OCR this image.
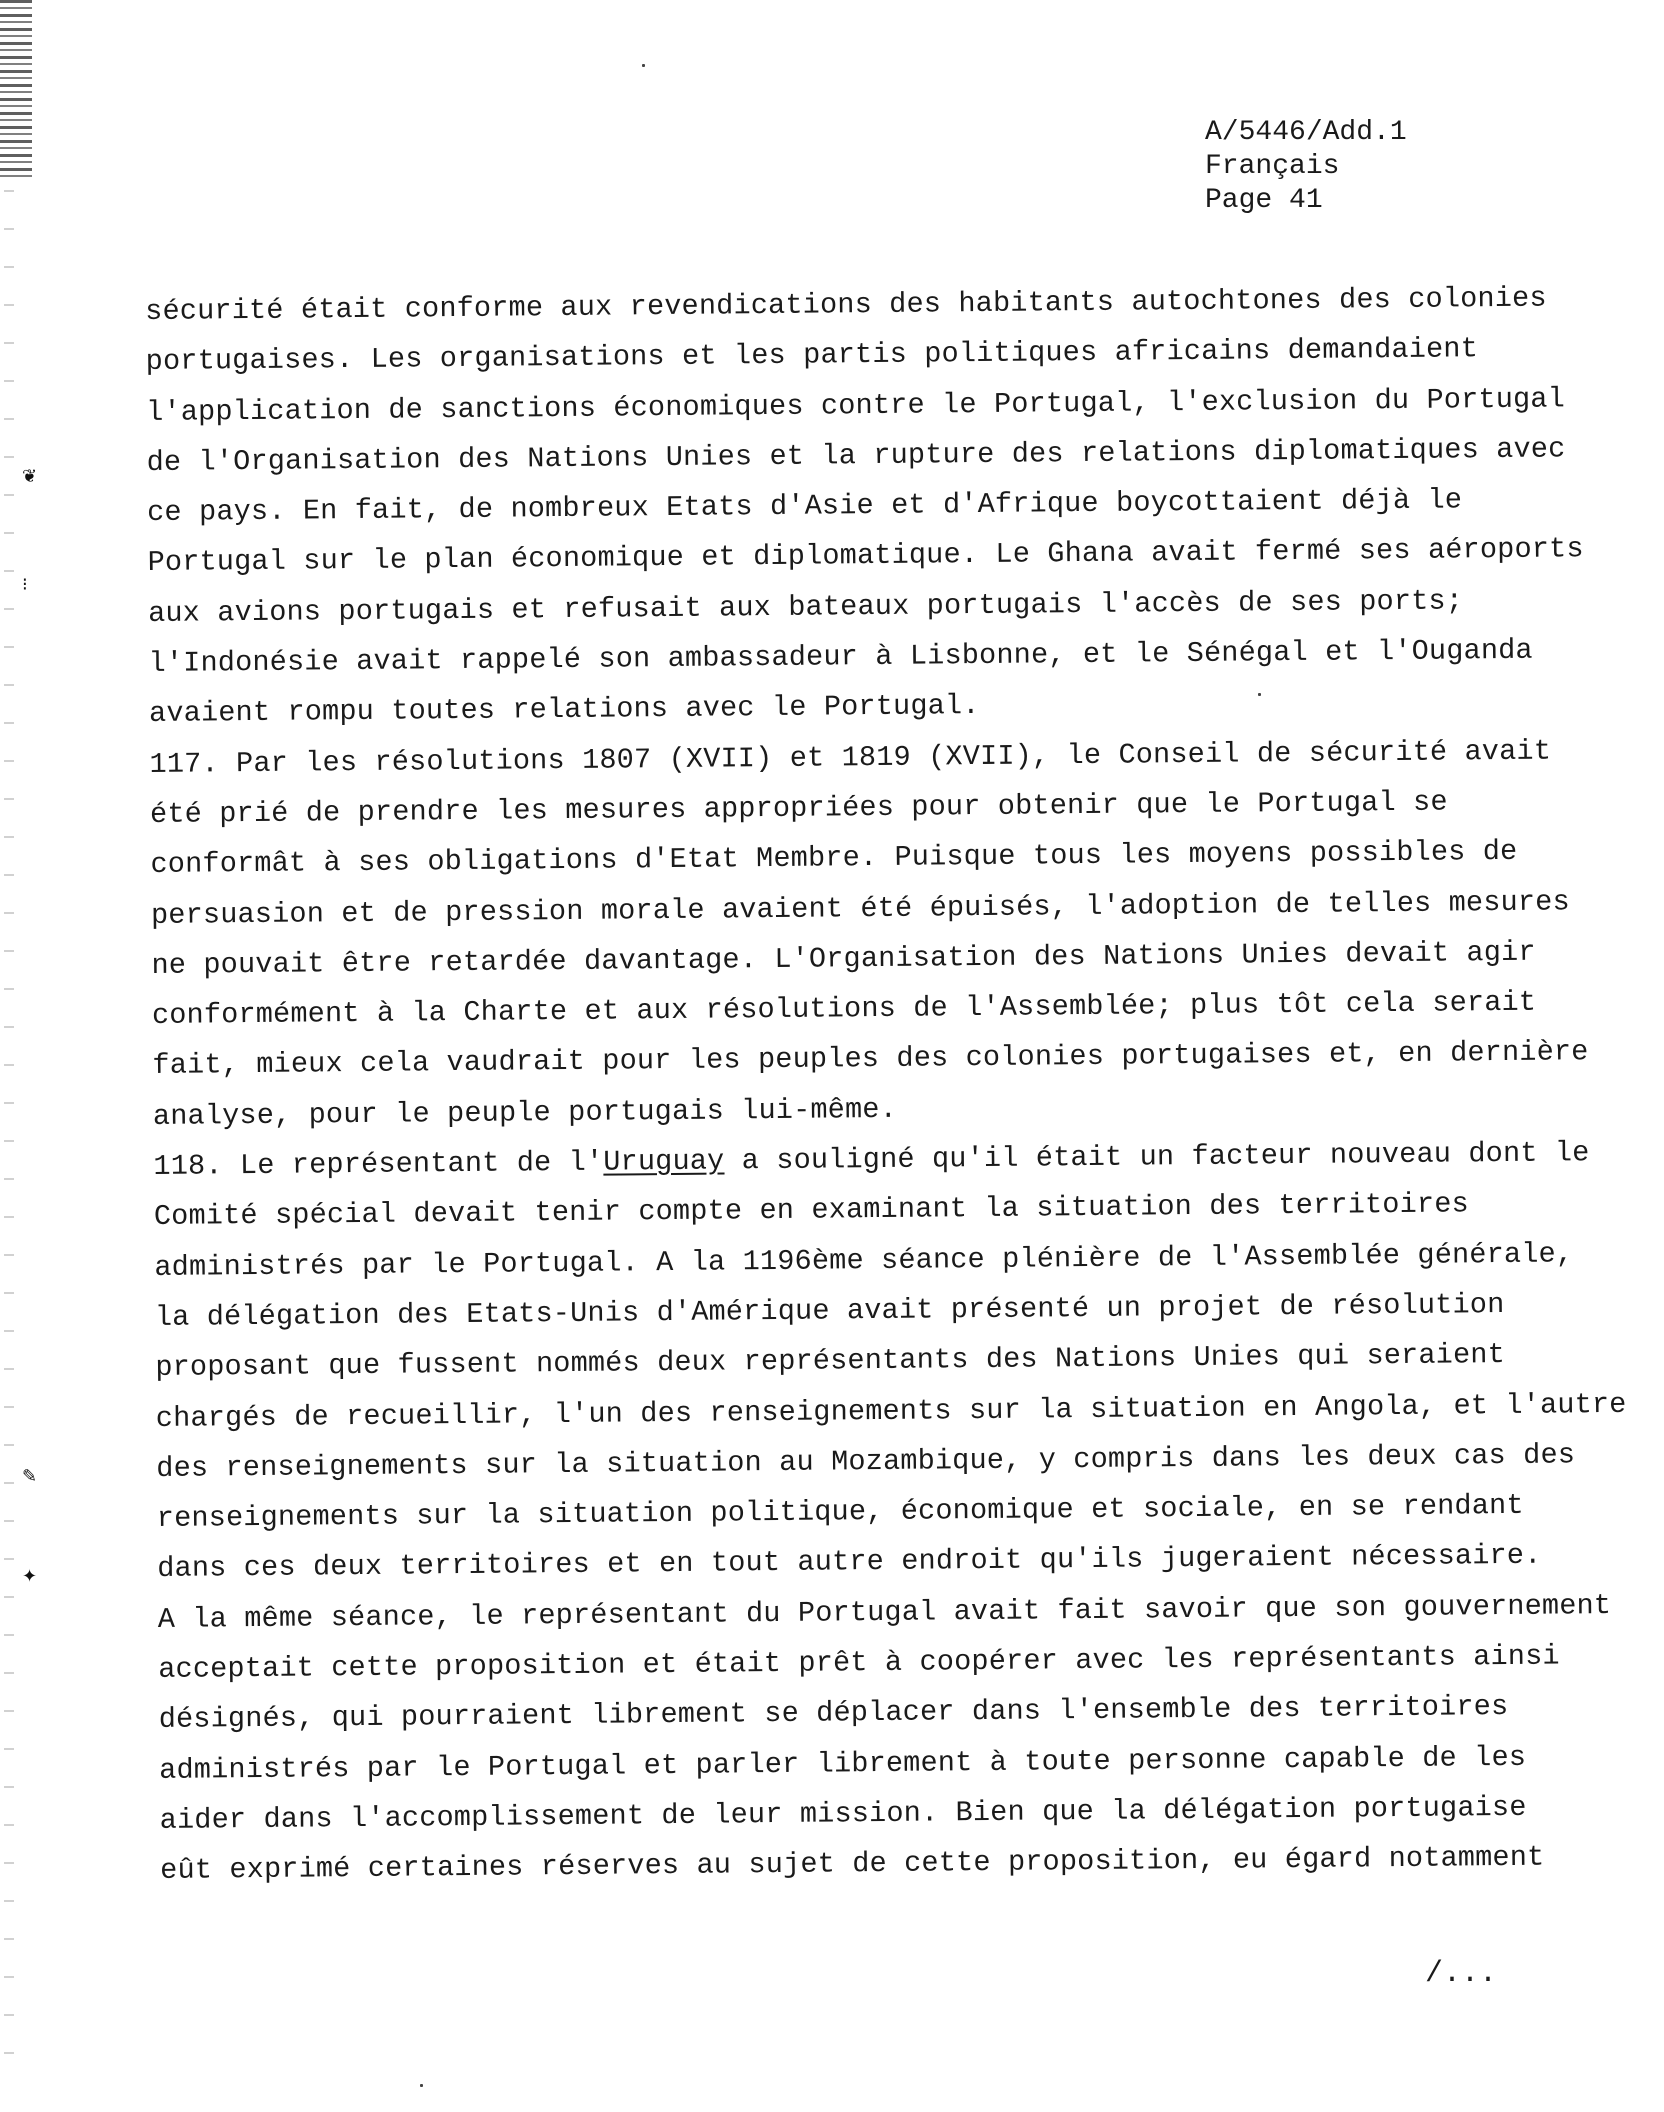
❦
⁝
✎
✦
A/5446/Add.1
Français
Page 41
sécurité était conforme aux revendications des habitants autochtones des colonies
portugaises. Les organisations et les partis politiques africains demandaient
l'application de sanctions économiques contre le Portugal, l'exclusion du Portugal
de l'Organisation des Nations Unies et la rupture des relations diplomatiques avec
ce pays. En fait, de nombreux Etats d'Asie et d'Afrique boycottaient déjà le
Portugal sur le plan économique et diplomatique. Le Ghana avait fermé ses aéroports
aux avions portugais et refusait aux bateaux portugais l'accès de ses ports;
l'Indonésie avait rappelé son ambassadeur à Lisbonne, et le Sénégal et l'Ouganda
avaient rompu toutes relations avec le Portugal.
117. Par les résolutions 1807 (XVII) et 1819 (XVII), le Conseil de sécurité avait
été prié de prendre les mesures appropriées pour obtenir que le Portugal se
conformât à ses obligations d'Etat Membre. Puisque tous les moyens possibles de
persuasion et de pression morale avaient été épuisés, l'adoption de telles mesures
ne pouvait être retardée davantage. L'Organisation des Nations Unies devait agir
conformément à la Charte et aux résolutions de l'Assemblée; plus tôt cela serait
fait, mieux cela vaudrait pour les peuples des colonies portugaises et, en dernière
analyse, pour le peuple portugais lui-même.
118. Le représentant de l'Uruguay a souligné qu'il était un facteur nouveau dont le
Comité spécial devait tenir compte en examinant la situation des territoires
administrés par le Portugal. A la 1196ème séance plénière de l'Assemblée générale,
la délégation des Etats-Unis d'Amérique avait présenté un projet de résolution
proposant que fussent nommés deux représentants des Nations Unies qui seraient
chargés de recueillir, l'un des renseignements sur la situation en Angola, et l'autre
des renseignements sur la situation au Mozambique, y compris dans les deux cas des
renseignements sur la situation politique, économique et sociale, en se rendant
dans ces deux territoires et en tout autre endroit qu'ils jugeraient nécessaire.
A la même séance, le représentant du Portugal avait fait savoir que son gouvernement
acceptait cette proposition et était prêt à coopérer avec les représentants ainsi
désignés, qui pourraient librement se déplacer dans l'ensemble des territoires
administrés par le Portugal et parler librement à toute personne capable de les
aider dans l'accomplissement de leur mission. Bien que la délégation portugaise
eût exprimé certaines réserves au sujet de cette proposition, eu égard notamment
/...
